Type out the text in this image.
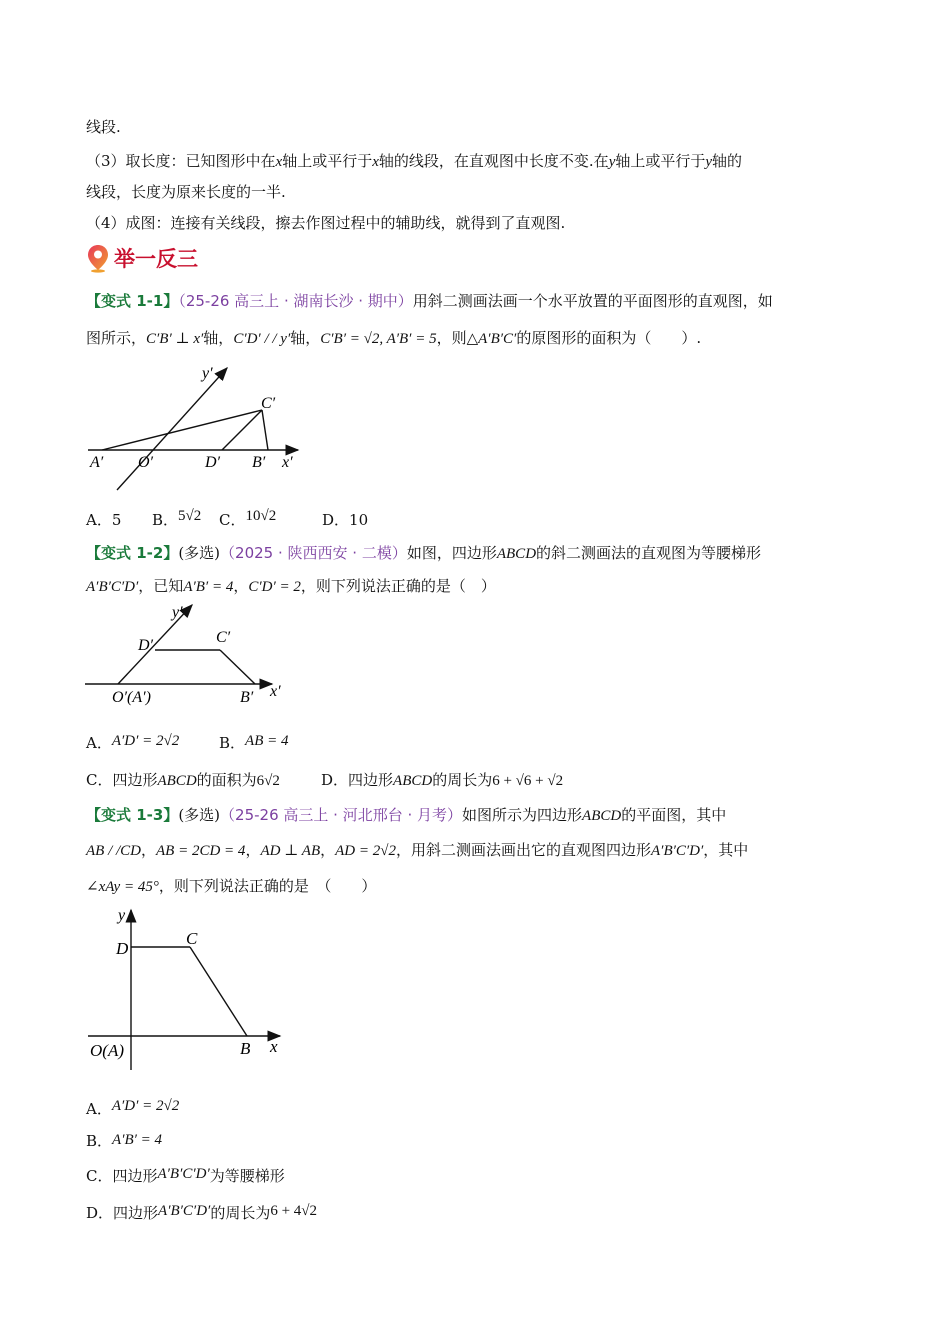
线段.
（3）取长度：已知图形中在x轴上或平行于x轴的线段，在直观图中长度不变.在y轴上或平行于y轴的
线段，长度为原来长度的一半.
（4）成图：连接有关线段，擦去作图过程中的辅助线，就得到了直观图.
举一反三
【变式 1-1】（25-26 高三上 · 湖南长沙 · 期中）用斜二测画法画一个水平放置的平面图形的直观图，如
图所示，C′B′ ⊥ x′轴，C′D′ / / y′轴，C′B′ = √2, A′B′ = 5，则△A′B′C′的原图形的面积为（　　）.
y′
C′
A′ O′	D′ B′ x′
A．5 B．5√2 C．10√2	D．10
【变式 1-2】(多选)（2025 · 陕西西安 · 二模）如图，四边形ABCD的斜二测画法的直观图为等腰梯形
A′B′C′D′，已知A′B′ = 4，C′D′ = 2，则下列说法正确的是（　）
y′
D′	C′
O′(A′)	B′ x′
A．A′D′ = 2√2	B．AB = 4
C．四边形ABCD的面积为6√2	D．四边形ABCD的周长为6 + √6 + √2
【变式 1-3】(多选)（25-26 高三上 · 河北邢台 · 月考）如图所示为四边形ABCD的平面图，其中
AB / /CD，AB = 2CD = 4，AD ⊥ AB，AD = 2√2，用斜二测画法画出它的直观图四边形A′B′C′D′，其中
∠xAy = 45°，则下列说法正确的是　（　　）
y
D
C
O(A)	B x
A．A′D′ = 2√2
B．A′B′ = 4
C．四边形A′B′C′D′为等腰梯形
D．四边形A′B′C′D′的周长为6 + 4√2
